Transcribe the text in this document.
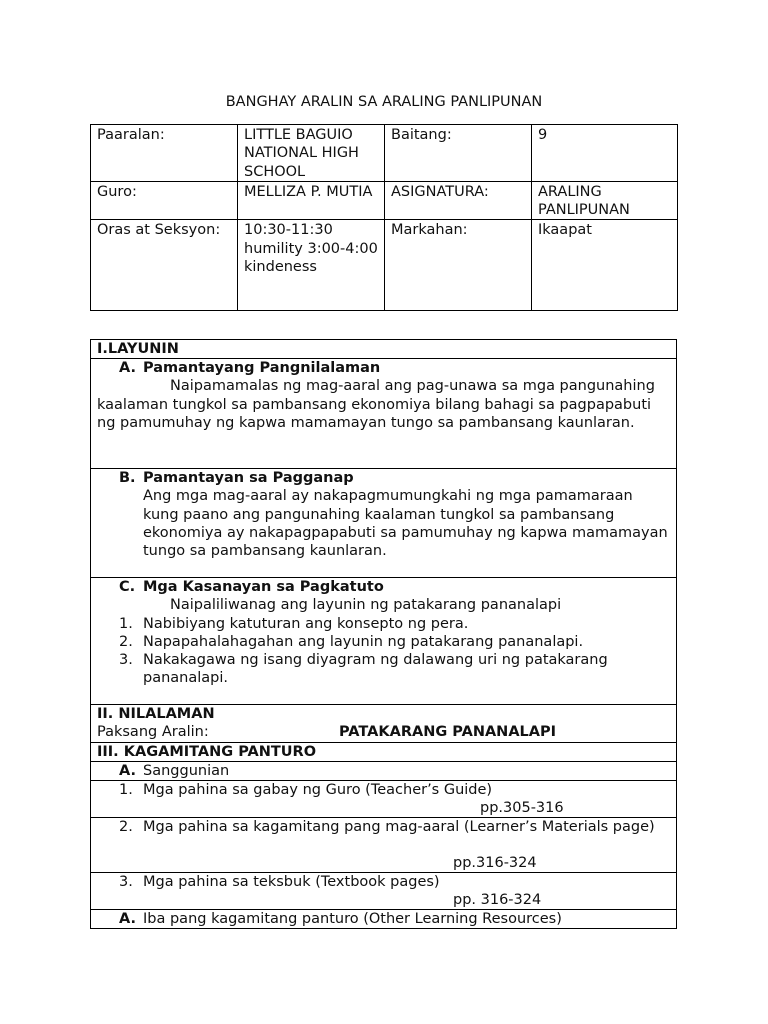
BANGHAY ARALIN SA ARALING PANLIPUNAN
Paaralan:	LITTLE BAGUIO NATIONAL HIGH SCHOOL	Baitang:	9
Guro:	MELLIZA P. MUTIA	ASIGNATURA:	ARALING PANLIPUNAN
Oras at Seksyon:	10:30-11:30 humility 3:00-4:00 kindeness	Markahan:	Ikaapat
I.LAYUNIN
A. Pamantayang Pangnilalaman
Naipamamalas ng mag-aaral ang pag-unawa sa mga pangunahing kaalaman tungkol sa pambansang ekonomiya bilang bahagi sa pagpapabuti ng pamumuhay ng kapwa mamamayan tungo sa pambansang kaunlaran.
B. Pamantayan sa Pagganap
Ang mga mag-aaral ay nakapagmumungkahi ng mga pamamaraan kung paano ang pangunahing kaalaman tungkol sa pambansang ekonomiya ay nakapagpapabuti sa pamumuhay ng kapwa mamamayan tungo sa pambansang kaunlaran.
C. Mga Kasanayan sa Pagkatuto
Naipaliliwanag ang layunin ng patakarang pananalapi
1. Nabibiyang katuturan ang konsepto ng pera.
2. Napapahalahagahan ang layunin ng patakarang pananalapi.
3. Nakakagawa ng isang diyagram ng dalawang uri ng patakarang pananalapi.
II. NILALAMAN
Paksang Aralin:	PATAKARANG PANANALAPI
III. KAGAMITANG PANTURO
A. Sanggunian
1. Mga pahina sa gabay ng Guro (Teacher’s Guide)
pp.305-316
2. Mga pahina sa kagamitang pang mag-aaral (Learner’s Materials page)
pp.316-324
3. Mga pahina sa teksbuk (Textbook pages)
pp. 316-324
A. Iba pang kagamitang panturo (Other Learning Resources)
